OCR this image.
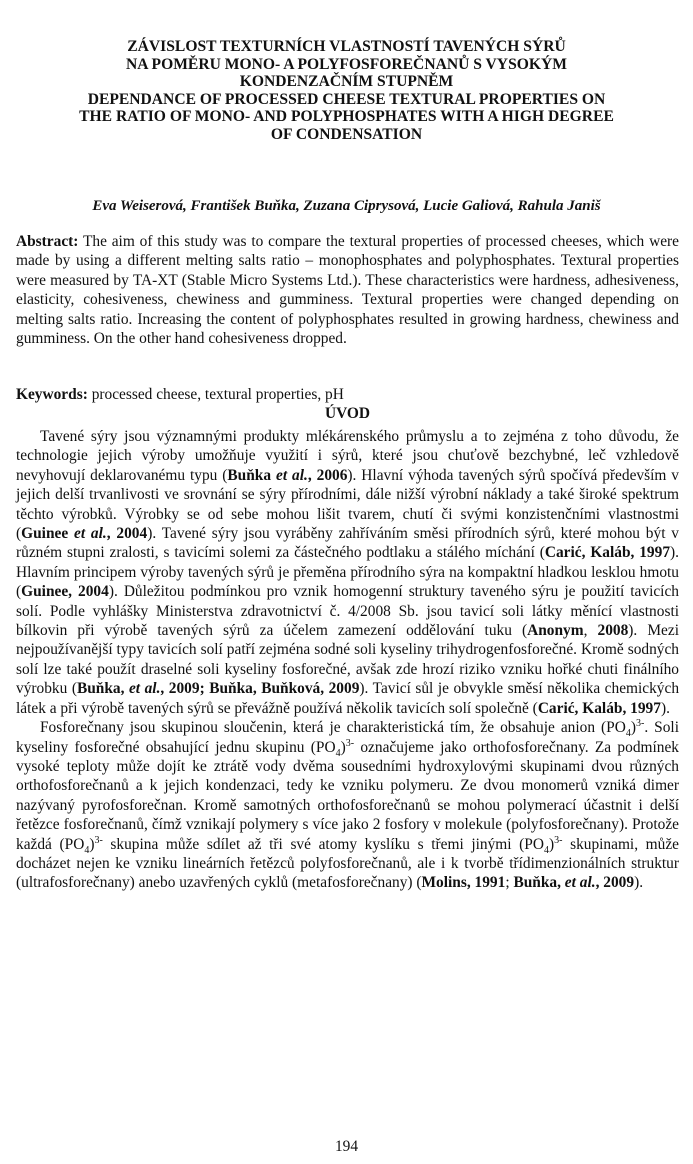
ZÁVISLOST TEXTURNÍCH VLASTNOSTÍ TAVENÝCH SÝRŮ
NA POMĚRU MONO- A POLYFOSFOREČNANŮ S VYSOKÝM
KONDENZAČNÍM STUPNĚM
DEPENDANCE OF PROCESSED CHEESE TEXTURAL PROPERTIES ON
THE RATIO OF MONO- AND POLYPHOSPHATES WITH A HIGH DEGREE
OF CONDENSATION
Eva Weiserová, František Buňka, Zuzana Ciprysová, Lucie Galiová, Rahula Janiš
Abstract: The aim of this study was to compare the textural properties of processed cheeses, which were made by using a different melting salts ratio – monophosphates and polyphosphates. Textural properties were measured by TA-XT (Stable Micro Systems Ltd.). These characteristics were hardness, adhesiveness, elasticity, cohesiveness, chewiness and gumminess. Textural properties were changed depending on melting salts ratio. Increasing the content of polyphosphates resulted in growing hardness, chewiness and gumminess. On the other hand cohesiveness dropped.
Keywords: processed cheese, textural properties, pH
ÚVOD

Tavené sýry jsou významnými produkty mlékárenského průmyslu a to zejména z toho důvodu, že technologie jejich výroby umožňuje využití i sýrů, které jsou chuťově bezchybné, leč vzhledově nevyhovují deklarovanému typu (Buňka et al., 2006). Hlavní výhoda tavených sýrů spočívá především v jejich delší trvanlivosti ve srovnání se sýry přírodními, dále nižší výrobní náklady a také široké spektrum těchto výrobků. Výrobky se od sebe mohou lišit tvarem, chutí či svými konzistenčními vlastnostmi (Guinee et al., 2004). Tavené sýry jsou vyráběny zahříváním směsi přírodních sýrů, které mohou být v různém stupni zralosti, s tavicími solemi za částečného podtlaku a stálého míchání (Carić, Kaláb, 1997). Hlavním principem výroby tavených sýrů je přeměna přírodního sýra na kompaktní hladkou lesklou hmotu (Guinee, 2004). Důležitou podmínkou pro vznik homogenní struktury taveného sýru je použití tavicích solí. Podle vyhlášky Ministerstva zdravotnictví č. 4/2008 Sb. jsou tavicí soli látky měnící vlastnosti bílkovin při výrobě tavených sýrů za účelem zamezení oddělování tuku (Anonym, 2008). Mezi nejpoužívanější typy tavicích solí patří zejména sodné soli kyseliny trihydrogenfosforečné. Kromě sodných solí lze také použít draselné soli kyseliny fosforečné, avšak zde hrozí riziko vzniku hořké chuti finálního výrobku (Buňka, et al., 2009; Buňka, Buňková, 2009). Tavicí sůl je obvykle směsí několika chemických látek a při výrobě tavených sýrů se převážně používá několik tavicích solí společně (Carić, Kaláb, 1997).

Fosforečnany jsou skupinou sloučenin, která je charakteristická tím, že obsahuje anion $(PO_4)^{3-}$. Soli kyseliny fosforečné obsahující jednu skupinu $(PO_4)^{3-}$ označujeme jako orthofosforečnany. Za podmínek vysoké teploty může dojít ke ztrátě vody dvěma sousedními hydroxylovými skupinami dvou různých orthofosforečnanů a k jejich kondenzaci, tedy ke vzniku polymeru. Ze dvou monomerů vzniká dimer nazývaný pyrofosforečnan. Kromě samotných orthofosforečnanů se mohou polymerací účastnit i delší řetězce fosforečnanů, čímž vznikají polymery s více jako 2 fosfory v molekule (polyfosforečnany). Protože každá $(PO_4)^{3-}$ skupina může sdílet až tři své atomy kyslíku s třemi jinými $(PO_4)^{3-}$ skupinami, může docházet nejen ke vzniku lineárních řetězců polyfosforečnanů, ale i k tvorbě třídimenzionálních struktur (ultrafosforečnany) anebo uzavřených cyklů (metafosforečnany) (Molins, 1991; Buňka, et al., 2009).

194
